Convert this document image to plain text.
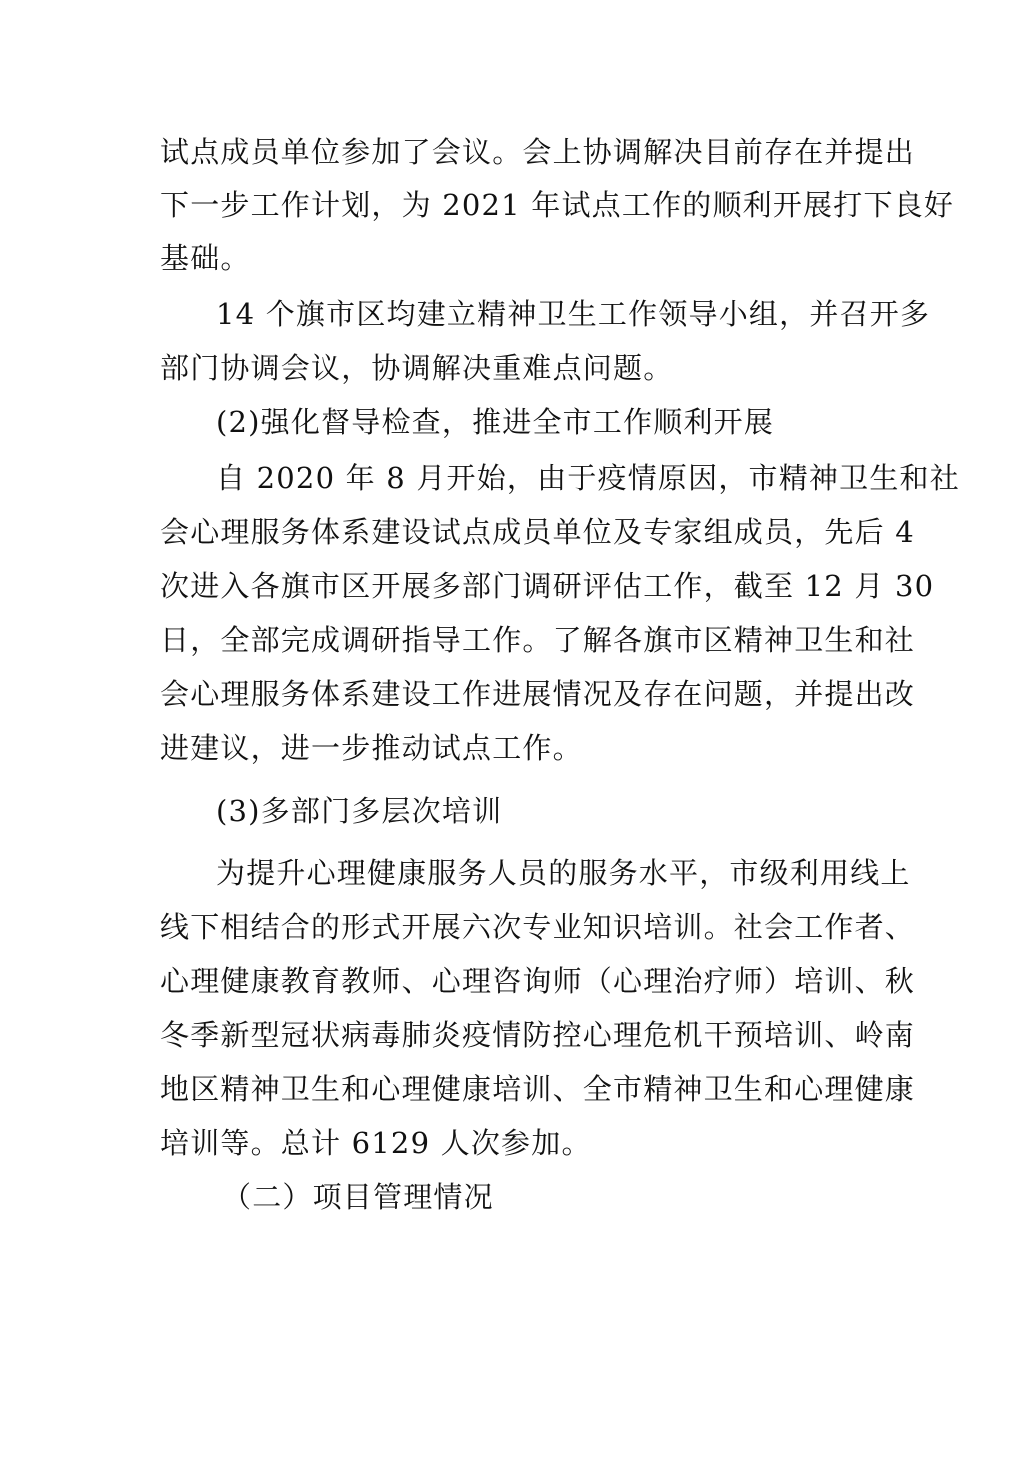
试点成员单位参加了会议。会上协调解决目前存在并提出
下一步工作计划，为 2021 年试点工作的顺利开展打下良好
基础。
14 个旗市区均建立精神卫生工作领导小组，并召开多
部门协调会议，协调解决重难点问题。
(2)强化督导检查，推进全市工作顺利开展
自 2020 年 8 月开始，由于疫情原因，市精神卫生和社
会心理服务体系建设试点成员单位及专家组成员，先后 4
次进入各旗市区开展多部门调研评估工作，截至 12 月 30
日，全部完成调研指导工作。了解各旗市区精神卫生和社
会心理服务体系建设工作进展情况及存在问题，并提出改
进建议，进一步推动试点工作。
(3)多部门多层次培训
为提升心理健康服务人员的服务水平，市级利用线上
线下相结合的形式开展六次专业知识培训。社会工作者、
心理健康教育教师、心理咨询师（心理治疗师）培训、秋
冬季新型冠状病毒肺炎疫情防控心理危机干预培训、岭南
地区精神卫生和心理健康培训、全市精神卫生和心理健康
培训等。总计 6129 人次参加。
（二）项目管理情况
